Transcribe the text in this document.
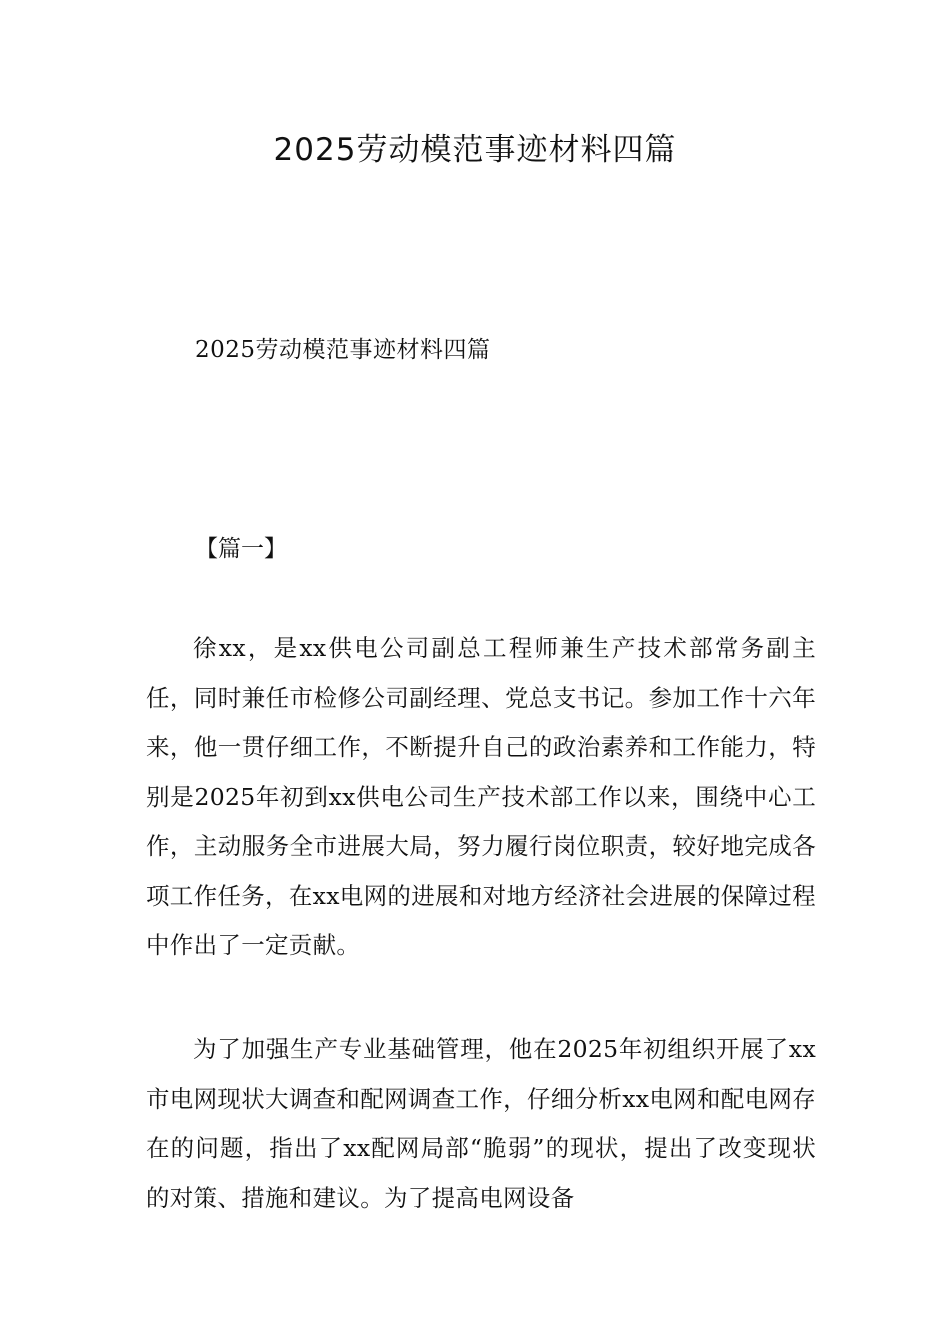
2025劳动模范事迹材料四篇

2025劳动模范事迹材料四篇

【篇一】

徐xx，是xx供电公司副总工程师兼生产技术部常务副主任，同时兼任市检修公司副经理、党总支书记。参加工作十六年来，他一贯仔细工作，不断提升自己的政治素养和工作能力，特别是2025年初到xx供电公司生产技术部工作以来，围绕中心工作，主动服务全市进展大局，努力履行岗位职责，较好地完成各项工作任务，在xx电网的进展和对地方经济社会进展的保障过程中作出了一定贡献。

为了加强生产专业基础管理，他在2025年初组织开展了xx市电网现状大调查和配网调查工作，仔细分析xx电网和配电网存在的问题，指出了xx配网局部“脆弱”的现状，提出了改变现状的对策、措施和建议。为了提高电网设备
